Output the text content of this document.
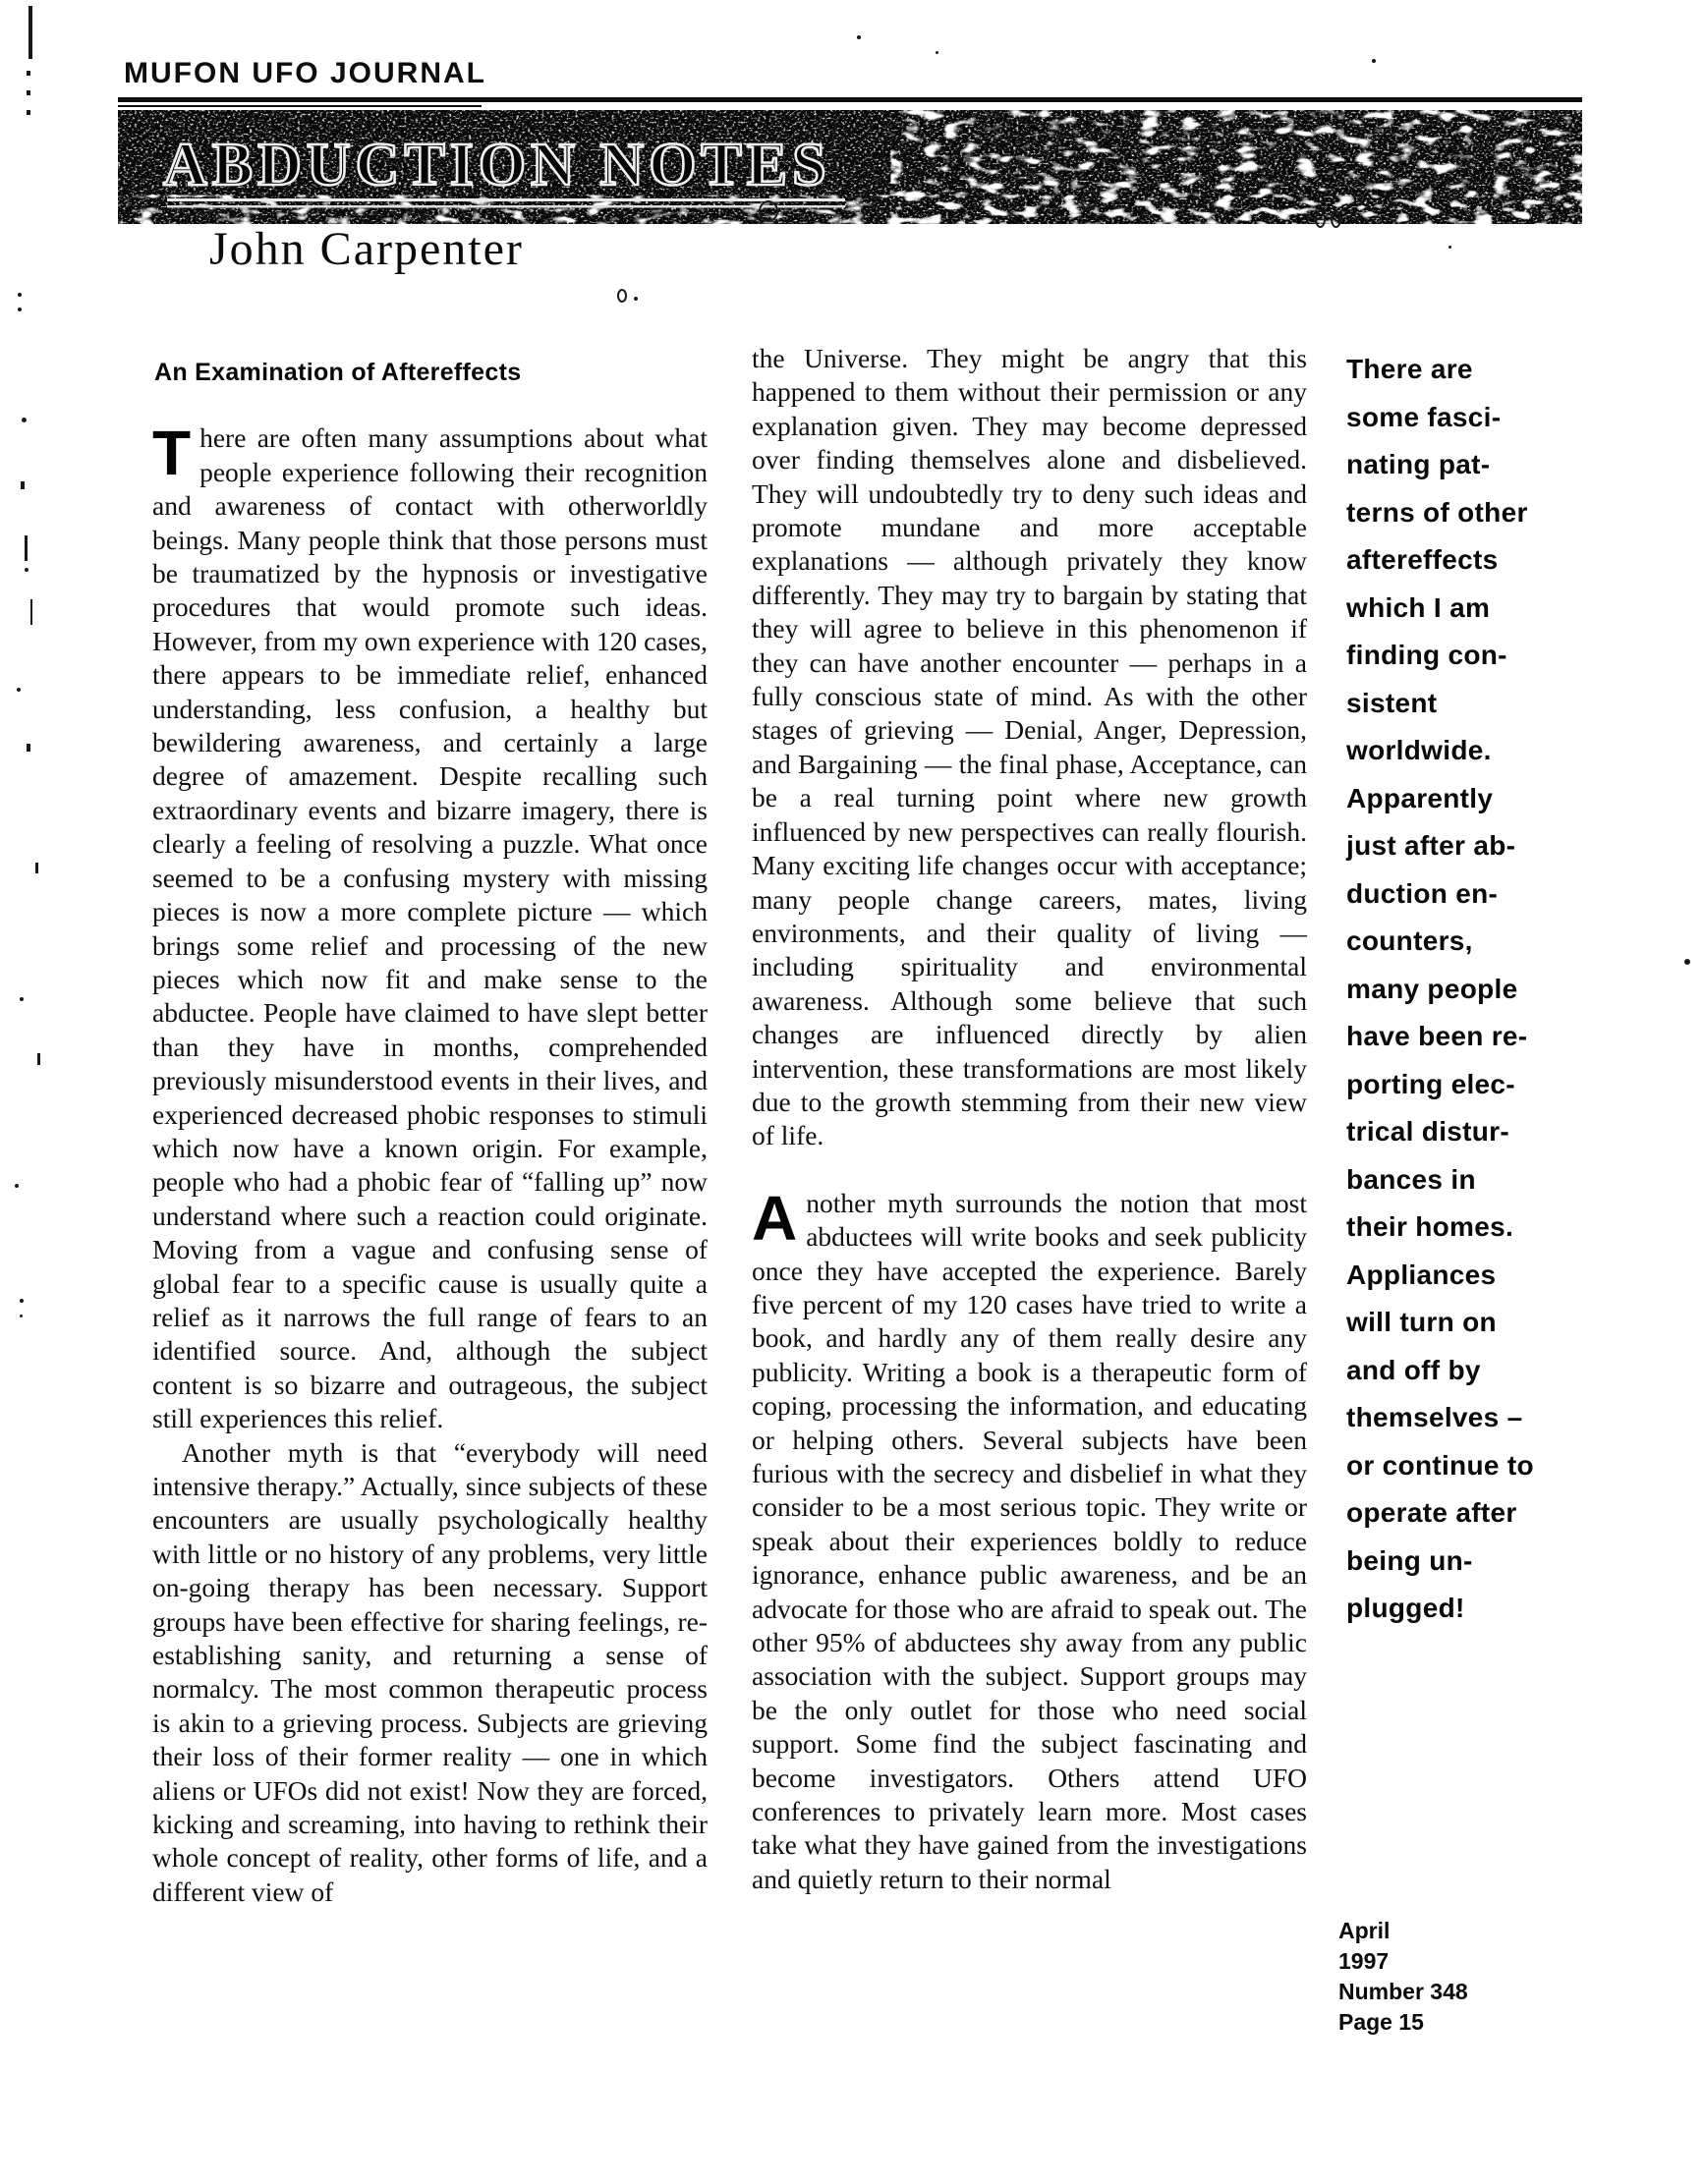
MUFON UFO JOURNAL
ABDUCTION NOTES
John Carpenter
An Examination of Aftereffects

There are often many assumptions about what people experience following their recognition and awareness of contact with otherworldly beings. Many people think that those persons must be traumatized by the hypnosis or investigative procedures that would promote such ideas. However, from my own experience with 120 cases, there appears to be immediate relief, enhanced understanding, less confusion, a healthy but bewildering awareness, and certainly a large degree of amazement. Despite recalling such extraordinary events and bizarre imagery, there is clearly a feeling of resolving a puzzle. What once seemed to be a confusing mystery with missing pieces is now a more complete picture — which brings some relief and processing of the new pieces which now fit and make sense to the abductee. People have claimed to have slept better than they have in months, comprehended previously misunderstood events in their lives, and experienced decreased phobic responses to stimuli which now have a known origin. For example, people who had a phobic fear of “falling up” now understand where such a reaction could originate. Moving from a vague and confusing sense of global fear to a specific cause is usually quite a relief as it narrows the full range of fears to an identified source. And, although the subject content is so bizarre and outrageous, the subject still experiences this relief.

Another myth is that “everybody will need intensive therapy.” Actually, since subjects of these encounters are usually psychologically healthy with little or no history of any problems, very little on-going therapy has been necessary. Support groups have been effective for sharing feelings, re-establishing sanity, and returning a sense of normalcy. The most common therapeutic process is akin to a grieving process. Subjects are grieving their loss of their former reality — one in which aliens or UFOs did not exist! Now they are forced, kicking and screaming, into having to rethink their whole concept of reality, other forms of life, and a different view of

the Universe. They might be angry that this happened to them without their permission or any explanation given. They may become depressed over finding themselves alone and disbelieved. They will undoubtedly try to deny such ideas and promote mundane and more acceptable explanations — although privately they know differently. They may try to bargain by stating that they will agree to believe in this phenomenon if they can have another encounter — perhaps in a fully conscious state of mind. As with the other stages of grieving — Denial, Anger, Depression, and Bargaining — the final phase, Acceptance, can be a real turning point where new growth influenced by new perspectives can really flourish. Many exciting life changes occur with acceptance; many people change careers, mates, living environments, and their quality of living — including spirituality and environmental awareness. Although some believe that such changes are influenced directly by alien intervention, these transformations are most likely due to the growth stemming from their new view of life.

Another myth surrounds the notion that most abductees will write books and seek publicity once they have accepted the experience. Barely five percent of my 120 cases have tried to write a book, and hardly any of them really desire any publicity. Writing a book is a therapeutic form of coping, processing the information, and educating or helping others. Several subjects have been furious with the secrecy and disbelief in what they consider to be a most serious topic. They write or speak about their experiences boldly to reduce ignorance, enhance public awareness, and be an advocate for those who are afraid to speak out. The other 95% of abductees shy away from any public association with the subject. Support groups may be the only outlet for those who need social support. Some find the subject fascinating and become investigators. Others attend UFO conferences to privately learn more. Most cases take what they have gained from the investigations and quietly return to their normal

There are
some fasci-
nating pat-
terns of other
aftereffects
which I am
finding con-
sistent
worldwide.
Apparently
just after ab-
duction en-
counters,
many people
have been re-
porting elec-
trical distur-
bances in
their homes.
Appliances
will turn on
and off by
themselves –
or continue to
operate after
being un-
plugged!
April
1997
Number 348
Page 15
